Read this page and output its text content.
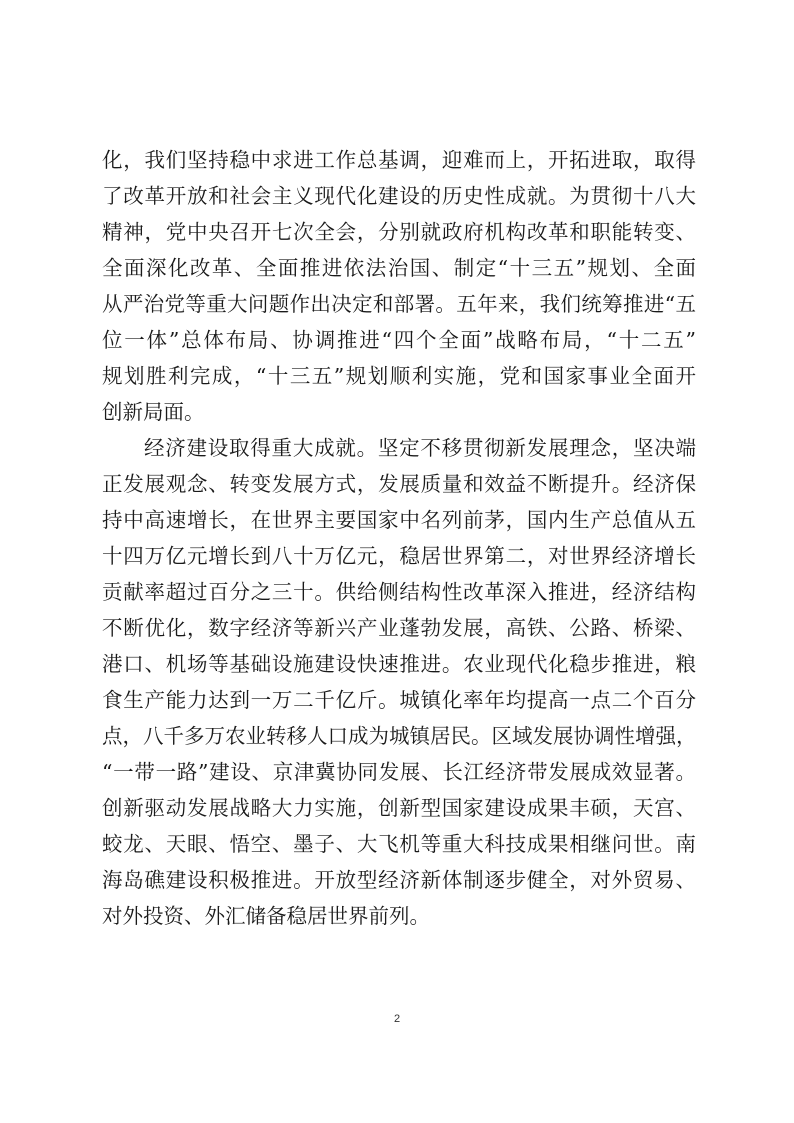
化，我们坚持稳中求进工作总基调，迎难而上，开拓进取，取得
了改革开放和社会主义现代化建设的历史性成就。为贯彻十八大
精神，党中央召开七次全会，分别就政府机构改革和职能转变、
全面深化改革、全面推进依法治国、制定“十三五”规划、全面
从严治党等重大问题作出决定和部署。五年来，我们统筹推进“五
位一体”总体布局、协调推进“四个全面”战略布局，“十二五”
规划胜利完成，“十三五”规划顺利实施，党和国家事业全面开
创新局面。
经济建设取得重大成就。坚定不移贯彻新发展理念，坚决端
正发展观念、转变发展方式，发展质量和效益不断提升。经济保
持中高速增长，在世界主要国家中名列前茅，国内生产总值从五
十四万亿元增长到八十万亿元，稳居世界第二，对世界经济增长
贡献率超过百分之三十。供给侧结构性改革深入推进，经济结构
不断优化，数字经济等新兴产业蓬勃发展，高铁、公路、桥梁、
港口、机场等基础设施建设快速推进。农业现代化稳步推进，粮
食生产能力达到一万二千亿斤。城镇化率年均提高一点二个百分
点，八千多万农业转移人口成为城镇居民。区域发展协调性增强，
“一带一路”建设、京津冀协同发展、长江经济带发展成效显著。
创新驱动发展战略大力实施，创新型国家建设成果丰硕，天宫、
蛟龙、天眼、悟空、墨子、大飞机等重大科技成果相继问世。南
海岛礁建设积极推进。开放型经济新体制逐步健全，对外贸易、
对外投资、外汇储备稳居世界前列。
2
